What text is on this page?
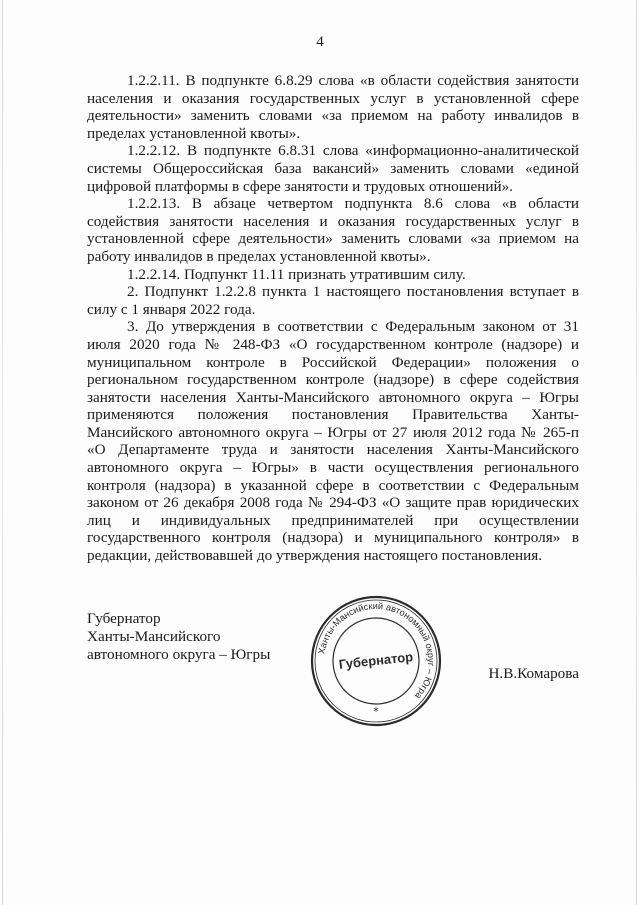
4

1.2.2.11. В подпункте 6.8.29 слова «в области содействия занятости населения и оказания государственных услуг в установленной сфере деятельности» заменить словами «за приемом на работу инвалидов в пределах установленной квоты».

1.2.2.12. В подпункте 6.8.31 слова «информационно-аналитической системы Общероссийская база вакансий» заменить словами «единой цифровой платформы в сфере занятости и трудовых отношений».

1.2.2.13. В абзаце четвертом подпункта 8.6 слова «в области содействия занятости населения и оказания государственных услуг в установленной сфере деятельности» заменить словами «за приемом на работу инвалидов в пределах установленной квоты».

1.2.2.14. Подпункт 11.11 признать утратившим силу.

2. Подпункт 1.2.2.8 пункта 1 настоящего постановления вступает в силу с 1 января 2022 года.

3. До утверждения в соответствии с Федеральным законом от 31 июля 2020 года № 248-ФЗ «О государственном контроле (надзоре) и муниципальном контроле в Российской Федерации» положения о региональном государственном контроле (надзоре) в сфере содействия занятости населения Ханты-Мансийского автономного округа – Югры применяются положения постановления Правительства Ханты-Мансийского автономного округа – Югры от 27 июля 2012 года № 265-п «О Департаменте труда и занятости населения Ханты-Мансийского автономного округа – Югры» в части осуществления регионального контроля (надзора) в указанной сфере в соответствии с Федеральным законом от 26 декабря 2008 года № 294-ФЗ «О защите прав юридических лиц и индивидуальных предпринимателей при осуществлении государственного контроля (надзора) и муниципального контроля» в редакции, действовавшей до утверждения настоящего постановления.

Губернатор
Ханты-Мансийского
автономного округа – Югры	Ханты-Мансийский автономный округ – Югра
Губернатор
*
Н.В.Комарова
